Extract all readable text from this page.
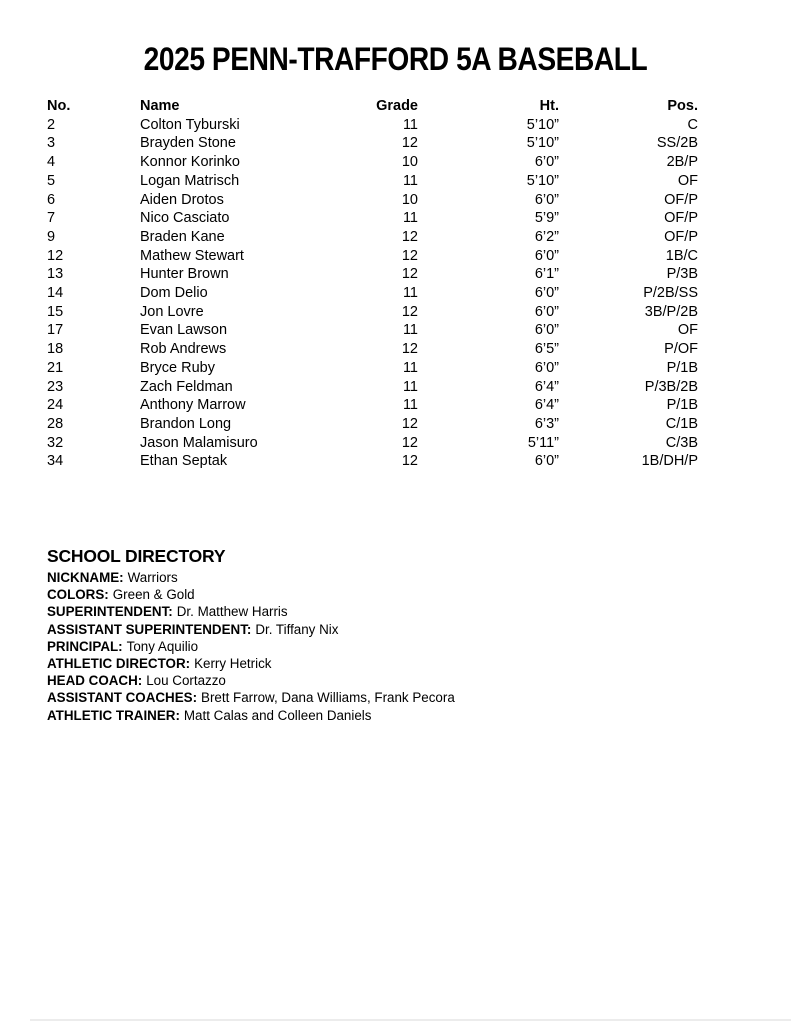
2025 PENN-TRAFFORD 5A BASEBALL
No.	Name	Grade	Ht.	Pos.
2	Colton Tyburski	11	5’10”	C
3	Brayden Stone	12	5’10”	SS/2B
4	Konnor Korinko	10	6’0”	2B/P
5	Logan Matrisch	11	5’10”	OF
6	Aiden Drotos	10	6’0”	OF/P
7	Nico Casciato	11	5’9”	OF/P
9	Braden Kane	12	6’2”	OF/P
12	Mathew Stewart	12	6’0”	1B/C
13	Hunter Brown	12	6’1”	P/3B
14	Dom Delio	11	6’0”	P/2B/SS
15	Jon Lovre	12	6’0”	3B/P/2B
17	Evan Lawson	11	6’0”	OF
18	Rob Andrews	12	6’5”	P/OF
21	Bryce Ruby	11	6’0”	P/1B
23	Zach Feldman	11	6’4”	P/3B/2B
24	Anthony Marrow	11	6’4”	P/1B
28	Brandon Long	12	6’3”	C/1B
32	Jason Malamisuro	12	5’11”	C/3B
34	Ethan Septak	12	6’0”	1B/DH/P
SCHOOL DIRECTORY

NICKNAME: Warriors

COLORS: Green & Gold

SUPERINTENDENT: Dr. Matthew Harris

ASSISTANT SUPERINTENDENT: Dr. Tiffany Nix

PRINCIPAL: Tony Aquilio

ATHLETIC DIRECTOR: Kerry Hetrick

HEAD COACH: Lou Cortazzo

ASSISTANT COACHES: Brett Farrow, Dana Williams, Frank Pecora

ATHLETIC TRAINER: Matt Calas and Colleen Daniels
